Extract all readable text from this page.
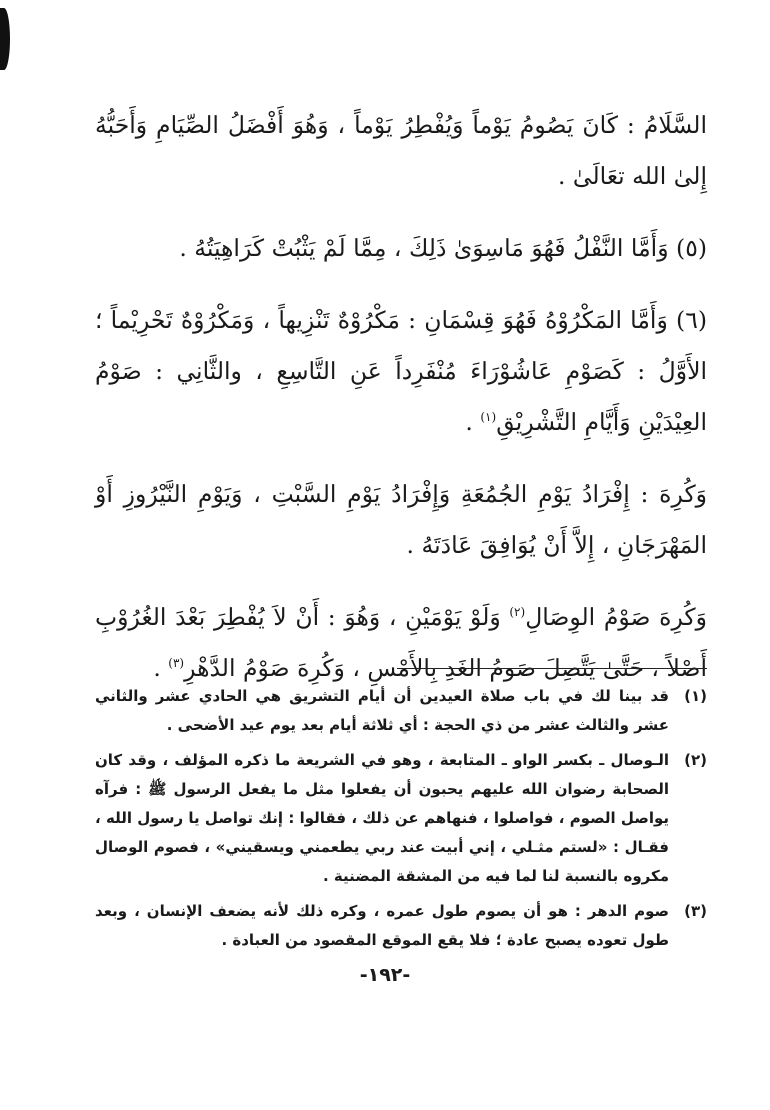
السَّلَامُ : كَانَ يَصُومُ يَوْماً وَيُفْطِرُ يَوْماً ، وَهُوَ أَفْضَلُ الصِّيَامِ وَأَحَبُّهُ إِلىٰ الله تعَالَىٰ .

(٥) وَأَمَّا النَّفْلُ فَهُوَ مَاسِوَىٰ ذَلِكَ ، مِمَّا لَمْ يَثْبُتْ كَرَاهِيَتُهُ .

(٦) وَأَمَّا المَكْرُوْهُ فَهُوَ قِسْمَانِ : مَكْرُوْهٌ تَنْزِيهاً ، وَمَكْرُوْهٌ تَحْرِيْماً ؛ الأَوَّلُ : كَصَوْمِ عَاشُوْرَاءَ مُنْفَرِداً عَنِ التَّاسِعِ ، والثَّانِي : صَوْمُ العِيْدَيْنِ وَأَيَّامِ التَّشْرِيْقِ$^{(١)}$ .

وَكُرِهَ : إِفْرَادُ يَوْمِ الجُمُعَةِ وَإِفْرَادُ يَوْمِ السَّبْتِ ، وَيَوْمِ النَّيْرُوزِ أَوْ المَهْرَجَانِ ، إِلاَّ أَنْ يُوَافِقَ عَادَتَهُ .

وَكُرِهَ صَوْمُ الوِصَالِ$^{(٢)}$ وَلَوْ يَوْمَيْنِ ، وَهُوَ : أَنْ لاَ يُفْطِرَ بَعْدَ الغُرُوْبِ أَصْلاً ، حَتَّىٰ يَتَّصِلَ صَومُ الغَدِ بِالأَمْسِ ، وَكُرِهَ صَوْمُ الدَّهْرِ$^{(٣)}$ .

(١)
قد بينا لك في باب صلاة العيدين أن أيام التشريق هي الحادي عشر والثاني عشر والثالث عشر من ذي الحجة : أي ثلاثة أيام بعد يوم عيد الأضحى .
(٢)
الـوصال ـ بكسر الواو ـ المتابعة ، وهو في الشريعة ما ذكره المؤلف ، وقد كان الصحابة رضوان الله عليهم يحبون أن يفعلوا مثل ما يفعل الرسول ﷺ : فرآه يواصل الصوم ، فواصلوا ، فنهاهم عن ذلك ، فقالوا : إنك تواصل يا رسول الله ، فقـال : «لستم مثـلي ، إني أبيت عند ربي يطعمني ويسقيني» ، فصوم الوصال مكروه بالنسبة لنا لما فيه من المشقة المضنية .
(٣)
صوم الدهر : هو أن يصوم طول عمره ، وكره ذلك لأنه يضعف الإنسان ، وبعد طول تعوده يصبح عادة ؛ فلا يقع الموقع المقصود من العبادة .
-١٩٢-
